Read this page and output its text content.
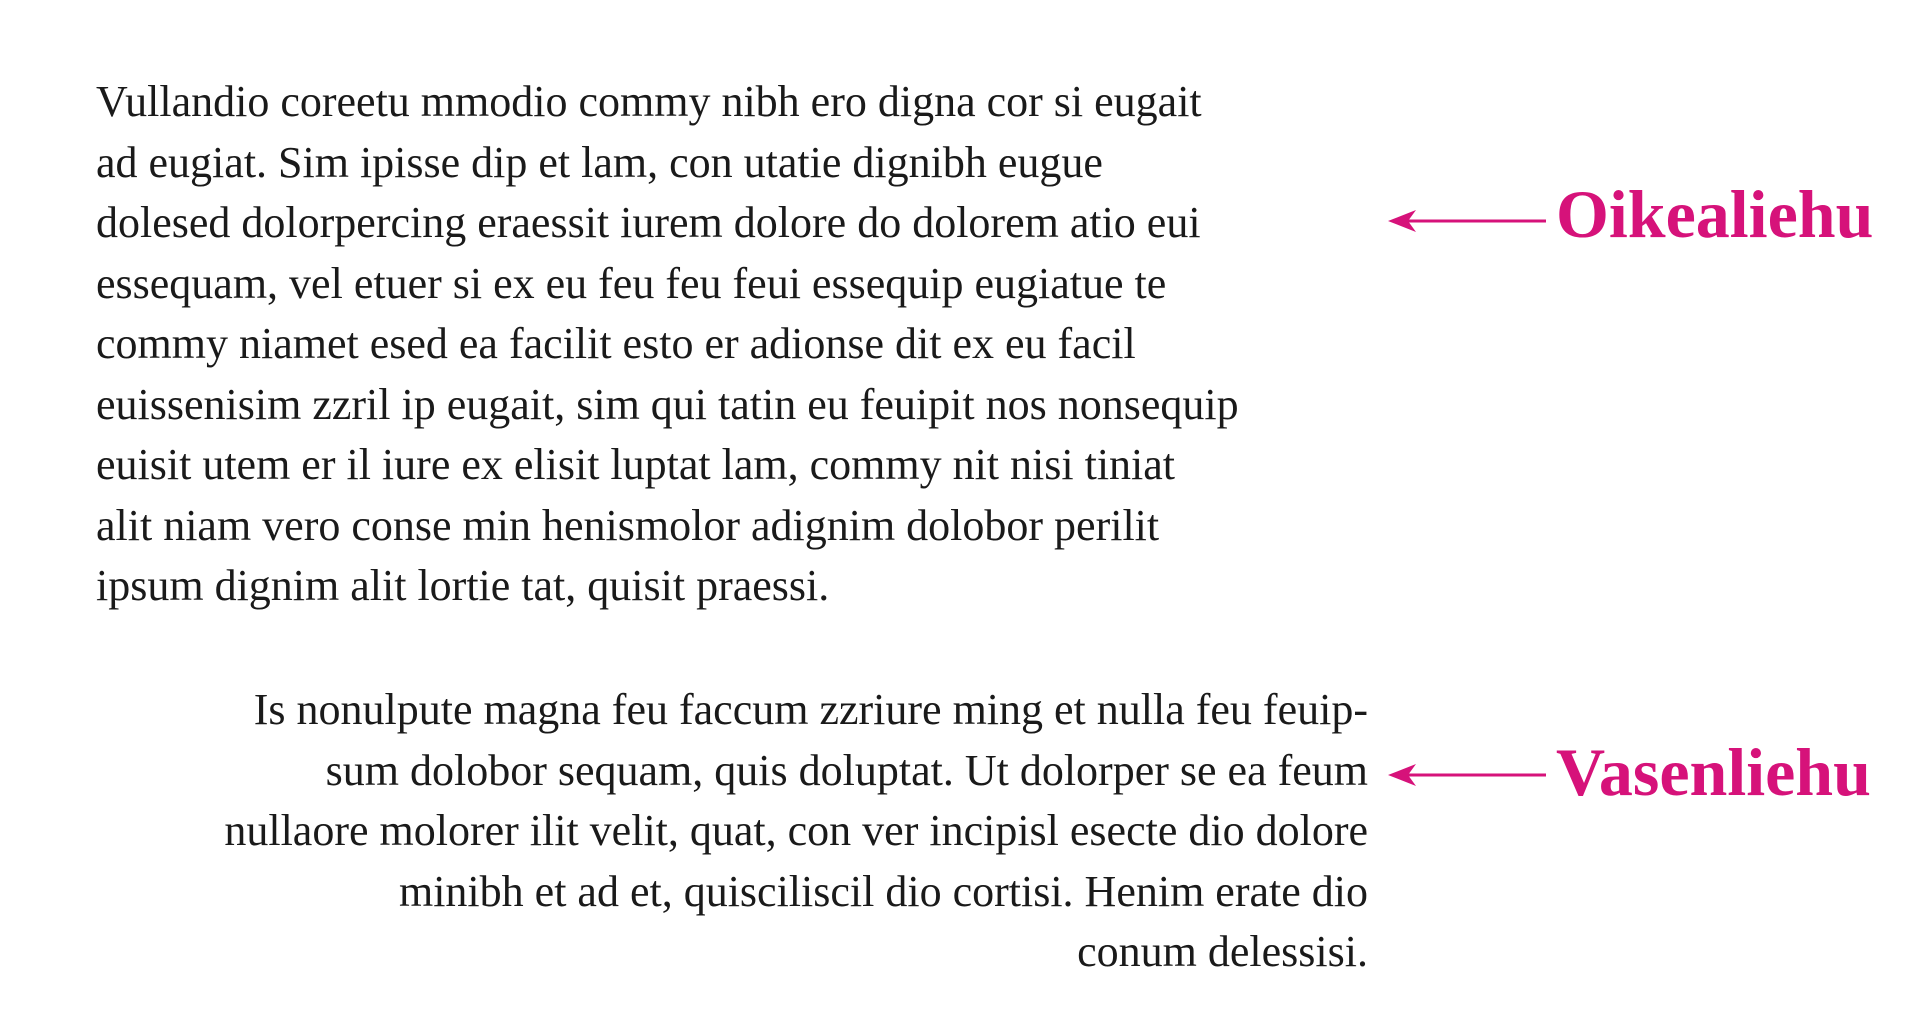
Vullandio coreetu mmodio commy nibh ero digna cor si eugait
ad eugiat. Sim ipisse dip et lam, con utatie dignibh eugue
dolesed dolorpercing eraessit iurem dolore do dolorem atio eui
essequam, vel etuer si ex eu feu feu feui essequip eugiatue te
commy niamet esed ea facilit esto er adionse dit ex eu facil
euissenisim zzril ip eugait, sim qui tatin eu feuipit nos nonsequip
euisit utem er il iure ex elisit luptat lam, commy nit nisi tiniat
alit niam vero conse min henismolor adignim dolobor perilit
ipsum dignim alit lortie tat, quisit praessi.

Oikealiehu

Is nonulpute magna feu faccum zzriure ming et nulla feu feuip-
sum dolobor sequam, quis doluptat. Ut dolorper se ea feum
nullaore molorer ilit velit, quat, con ver incipisl esecte dio dolore
minibh et ad et, quisciliscil dio cortisi. Henim erate dio
conum delessisi.

Vasenliehu
